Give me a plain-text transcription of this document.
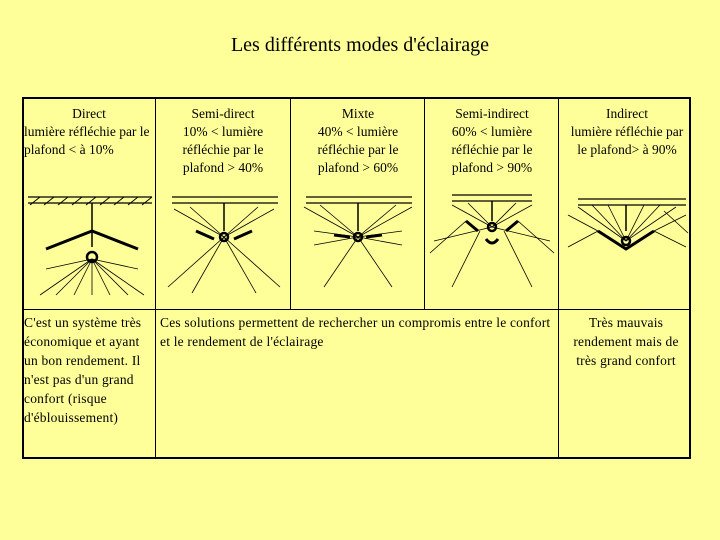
Les différents modes d'éclairage
Direct
lumière réfléchie par le plafond < à 10%
Semi-direct
10% < lumière réfléchie par le plafond > 40%
Mixte
40% < lumière réfléchie par le plafond > 60%
Semi-indirect
60% < lumière réfléchie par le plafond > 90%
Indirect
lumière réfléchie par le plafond> à 90%
C'est un système très économique et ayant un bon rendement. Il n'est pas d'un grand confort (risque d'éblouissement)
Ces solutions permettent de rechercher un compromis entre le confort et le rendement de l'éclairage
Très mauvais rendement mais de très grand confort
